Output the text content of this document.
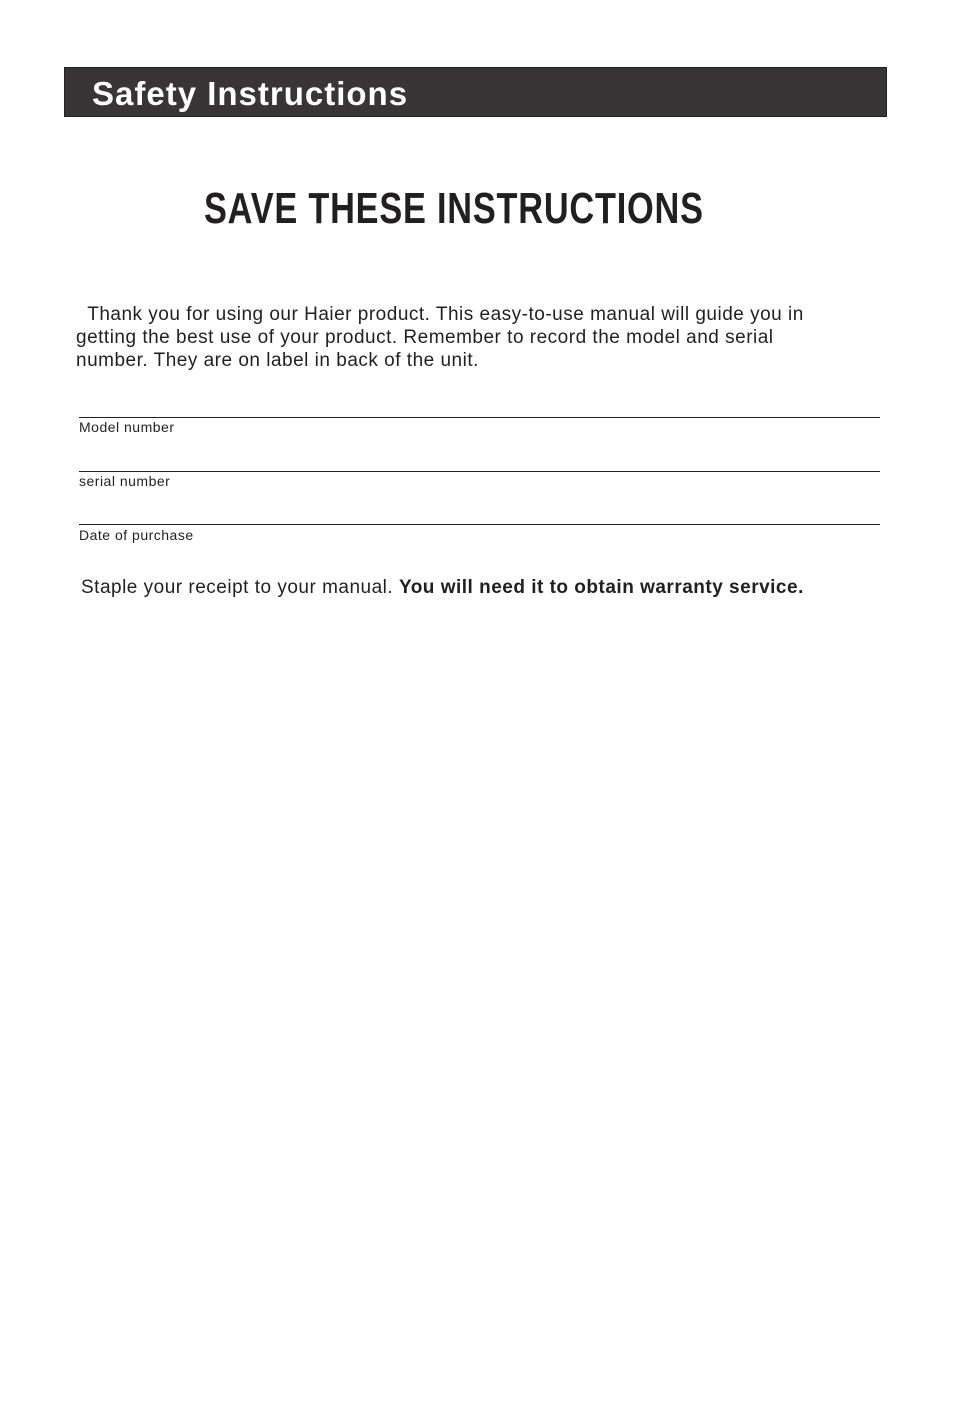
Safety Instructions
SAVE THESE INSTRUCTIONS
Thank you for using our Haier product. This easy-to-use manual will guide you in
getting the best use of your product. Remember to record the model and serial
number. They are on label in back of the unit.
Model number
serial number
Date of purchase
Staple your receipt to your manual. You will need it to obtain warranty service.
